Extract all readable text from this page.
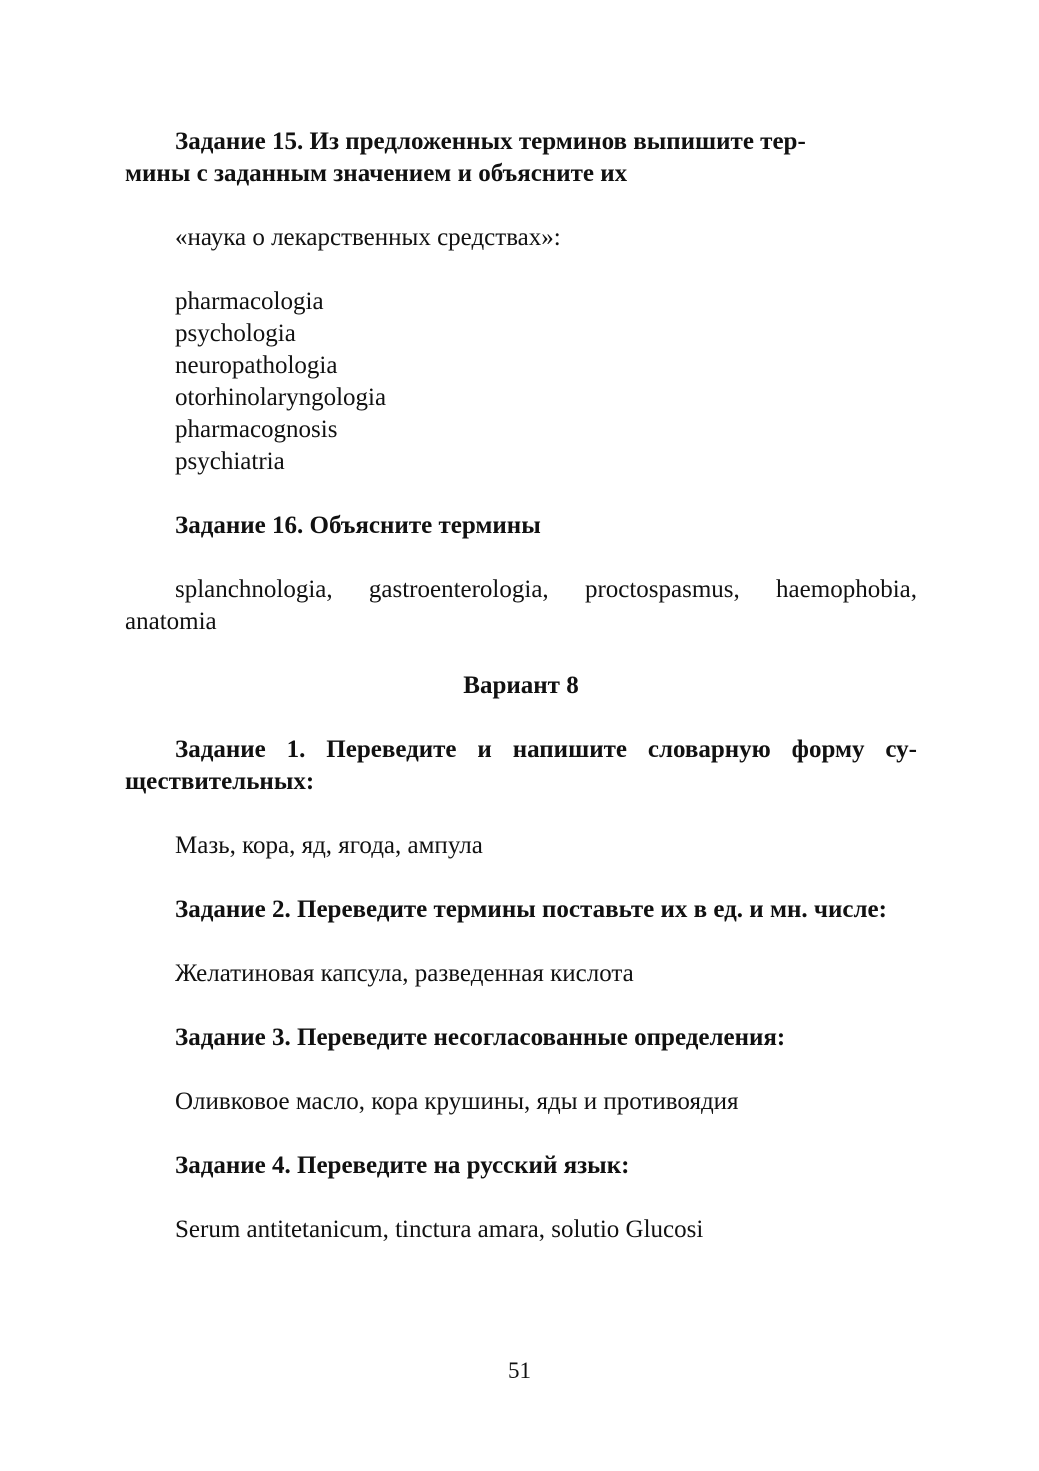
Задание 15. Из предложенных терминов выпишите тер-
мины с заданным значением и объясните их

«наука о лекарственных средствах»:

pharmacologia
psychologia
neuropathologia
otorhinolaryngologia
pharmacognosis
psychiatria

Задание 16. Объясните термины

splanchnologia, gastroenterologia, proctospasmus, haemophobia, anatomia

Вариант 8

Задание 1. Переведите и напишите словарную форму су-ществительных:

Мазь, кора, яд, ягода, ампула

Задание 2. Переведите термины поставьте их в ед. и мн. числе:

Желатиновая капсула, разведенная кислота

Задание 3. Переведите несогласованные определения:

Оливковое масло, кора крушины, яды и противоядия

Задание 4. Переведите на русский язык:

Serum antitetanicum, tinctura amara, solutio Glucosi

51
